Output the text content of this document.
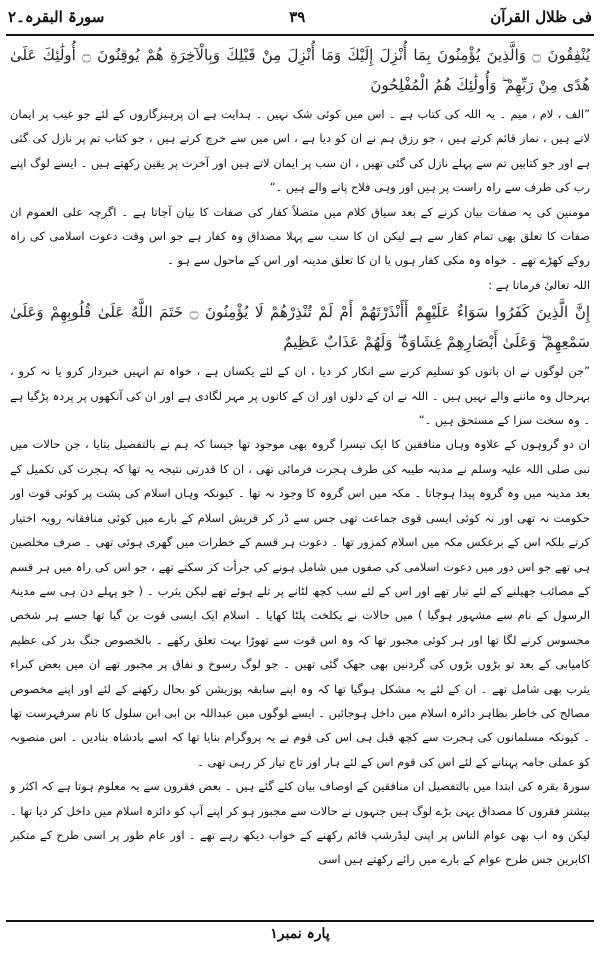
سورۃ البقرہ۔۲	۳۹	فی ظلال القرآن

يُنْفِقُونَ ۝ وَالَّذِينَ يُؤْمِنُونَ بِمَا أُنْزِلَ إِلَيْكَ وَمَا أُنْزِلَ مِنْ قَبْلِكَ وَبِالْآخِرَةِ هُمْ يُوقِنُونَ ۝ أُولَٰئِكَ عَلَىٰ هُدًى مِنْ رَبِّهِمْ ۖ وَأُولَٰئِكَ هُمُ الْمُفْلِحُونَ

”الف ، لام ، میم ۔ یہ اللہ کی کتاب ہے ۔ اس میں کوئی شک نہیں ۔ ہدایت ہے ان پرہیزگاروں کے لئے جو غیب پر ایمان لاتے ہیں ، نماز قائم کرتے ہیں ، جو رزق ہم نے ان کو دیا ہے ، اس میں سے خرچ کرتے ہیں ، جو کتاب تم پر نازل کی گئی ہے اور جو کتابیں تم سے پہلے نازل کی گئی تھیں ، ان سب پر ایمان لاتے ہیں اور آخرت پر یقین رکھتے ہیں ۔ ایسے لوگ اپنے رب کی طرف سے راہ راست پر ہیں اور وہی فلاح پانے والے ہیں ۔“

مومنین کی یہ صفات بیان کرنے کے بعد سیاق کلام میں متصلاً کفار کی صفات کا بیان آجاتا ہے ۔ اگرچہ علی العموم ان صفات کا تعلق بھی تمام کفار سے ہے لیکن ان کا سب سے پہلا مصداق وہ کفار ہے جو اس وقت دعوت اسلامی کی راہ روکے کھڑے تھے ۔ خواہ وہ مکی کفار ہوں یا ان کا تعلق مدینہ اور اس کے ماحول سے ہو ۔

اللہ تعالیٰ فرماتا ہے :

إِنَّ الَّذِينَ كَفَرُوا سَوَاءٌ عَلَيْهِمْ أَأَنْذَرْتَهُمْ أَمْ لَمْ تُنْذِرْهُمْ لَا يُؤْمِنُونَ ۝ خَتَمَ اللَّهُ عَلَىٰ قُلُوبِهِمْ وَعَلَىٰ سَمْعِهِمْ ۖ وَعَلَىٰ أَبْصَارِهِمْ غِشَاوَةٌ ۖ وَلَهُمْ عَذَابٌ عَظِيمٌ

”جن لوگوں نے ان باتوں کو تسلیم کرنے سے انکار کر دیا ، ان کے لئے یکساں ہے ، خواہ تم انہیں خبردار کرو یا نہ کرو ، بہرحال وہ ماننے والے نہیں ہیں ۔ اللہ نے ان کے دلوں اور ان کے کانوں پر مہر لگادی ہے اور ان کی آنکھوں پر پردہ پڑگیا ہے ۔ وہ سخت سزا کے مستحق ہیں ۔“

ان دو گروہوں کے علاوہ وہاں منافقین کا ایک تیسرا گروہ بھی موجود تھا جیسا کہ ہم نے بالتفصیل بتایا ، جن حالات میں نبی صلی اللہ علیہ وسلم نے مدینہ طیبہ کی طرف ہجرت فرمائی تھی ، ان کا قدرتی نتیجہ یہ تھا کہ ہجرت کی تکمیل کے بعد مدینہ میں وہ گروہ پیدا ہوجاتا ۔ مکہ میں اس گروہ کا وجود نہ تھا ۔ کیونکہ وہاں اسلام کی پشت پر کوئی قوت اور حکومت نہ تھی اور نہ کوئی ایسی قوی جماعت تھی جس سے ڈر کر قریش اسلام کے بارے میں کوئی منافقانہ رویہ اختیار کرتے بلکہ اس کے برعکس مکہ میں اسلام کمزور تھا ۔ دعوت ہر قسم کے خطرات میں گھری ہوئی تھی ۔ صرف مخلصین ہی تھے جو اس دور میں دعوت اسلامی کی صفوں میں شامل ہونے کی جرأت کر سکتے تھے ، جو اس کی راہ میں ہر قسم کے مصائب جھیلنے کے لئے تیار تھے اور اس کے لئے سب کچھ لٹانے پر تلے ہوئے تھے لیکن یثرب ۔ ( جو پہلے دن ہی سے مدینۃ الرسول کے نام سے مشہور ہوگیا ) میں حالات نے یکلخت پلٹا کھایا ۔ اسلام ایک ایسی قوت بن گیا تھا جسے ہر شخص محسوس کرنے لگا تھا اور ہر کوئی مجبور تھا کہ وہ اس قوت سے تھوڑا بہت تعلق رکھے ۔ بالخصوص جنگ بدر کی عظیم کامیابی کے بعد تو بڑوں بڑوں کی گردنیں بھی جھک گئی تھیں ۔ جو لوگ رسوخ و نفاق پر مجبور تھے ان میں بعض کبراء یثرب بھی شامل تھے ۔ ان کے لئے یہ مشکل ہوگیا تھا کہ وہ اپنے سابقہ پوزیشن کو بحال رکھنے کے لئے اور اپنے مخصوص مصالح کی خاطر بظاہر دائرہ اسلام میں داخل ہوجائیں ۔ ایسے لوگوں میں عبداللہ بن ابی ابن سلول کا نام سرفہرست تھا ۔ کیونکہ مسلمانوں کی ہجرت سے کچھ قبل ہی اس کی قوم نے یہ پروگرام بنایا تھا کہ اسے بادشاہ بنادیں ۔ اس منصوبہ کو عملی جامہ پہنانے کے لئے اس کی قوم اس کے لئے ہار اور تاج تیار کر رہی تھی ۔

سورۃ بقرہ کی ابتدا میں بالتفصیل ان منافقین کے اوصاف بیان کئے گئے ہیں ۔ بعض فقروں سے یہ معلوم ہوتا ہے کہ اکثر و بیشتر فقروں کا مصداق یہی بڑے لوگ ہیں جنہوں نے حالات سے مجبور ہو کر اپنے آپ کو دائرہ اسلام میں داخل کر دیا تھا ۔ لیکن وہ اب بھی عوام الناس پر اپنی لیڈرشپ قائم رکھنے کے خواب دیکھ رہے تھے ۔ اور عام طور پر اسی طرح کے متکبر اکابرین جس طرح عوام کے بارے میں رائے رکھتے ہیں اسی

پارہ نمبر۱
